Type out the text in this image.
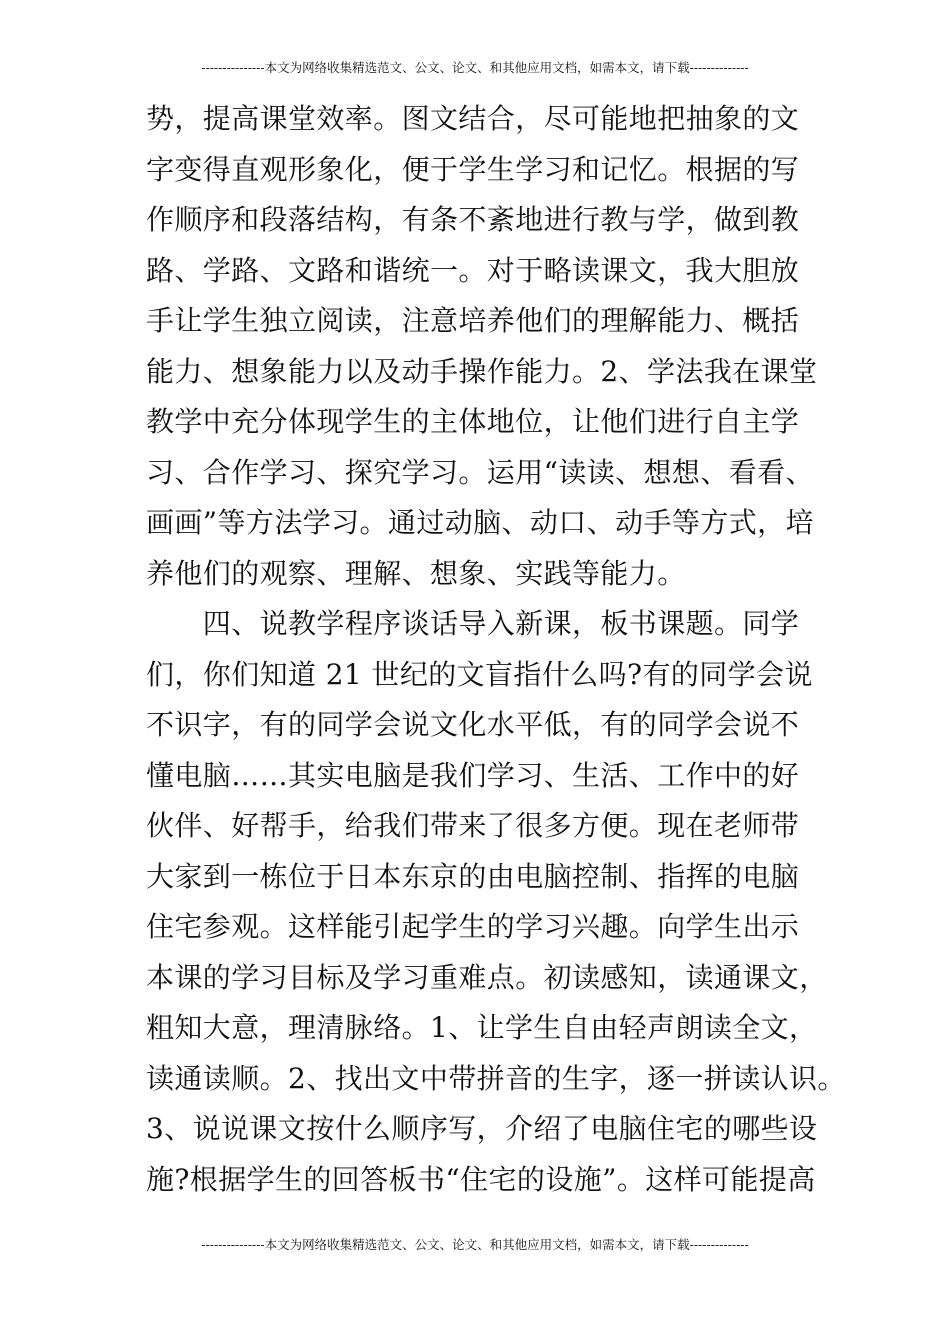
---------------本文为网络收集精选范文、公文、论文、和其他应用文档，如需本文，请下载--------------
势，提高课堂效率。图文结合，尽可能地把抽象的文
字变得直观形象化，便于学生学习和记忆。根据的写
作顺序和段落结构，有条不紊地进行教与学，做到教
路、学路、文路和谐统一。对于略读课文，我大胆放
手让学生独立阅读，注意培养他们的理解能力、概括
能力、想象能力以及动手操作能力。2、学法我在课堂
教学中充分体现学生的主体地位，让他们进行自主学
习、合作学习、探究学习。运用“读读、想想、看看、
画画”等方法学习。通过动脑、动口、动手等方式，培
养他们的观察、理解、想象、实践等能力。
　　四、说教学程序谈话导入新课，板书课题。同学
们，你们知道 21 世纪的文盲指什么吗?有的同学会说
不识字，有的同学会说文化水平低，有的同学会说不
懂电脑……其实电脑是我们学习、生活、工作中的好
伙伴、好帮手，给我们带来了很多方便。现在老师带
大家到一栋位于日本东京的由电脑控制、指挥的电脑
住宅参观。这样能引起学生的学习兴趣。向学生出示
本课的学习目标及学习重难点。初读感知，读通课文，
粗知大意，理清脉络。1、让学生自由轻声朗读全文，
读通读顺。2、找出文中带拼音的生字，逐一拼读认识。
3、说说课文按什么顺序写，介绍了电脑住宅的哪些设
施?根据学生的回答板书“住宅的设施”。这样可能提高
---------------本文为网络收集精选范文、公文、论文、和其他应用文档，如需本文，请下载--------------
